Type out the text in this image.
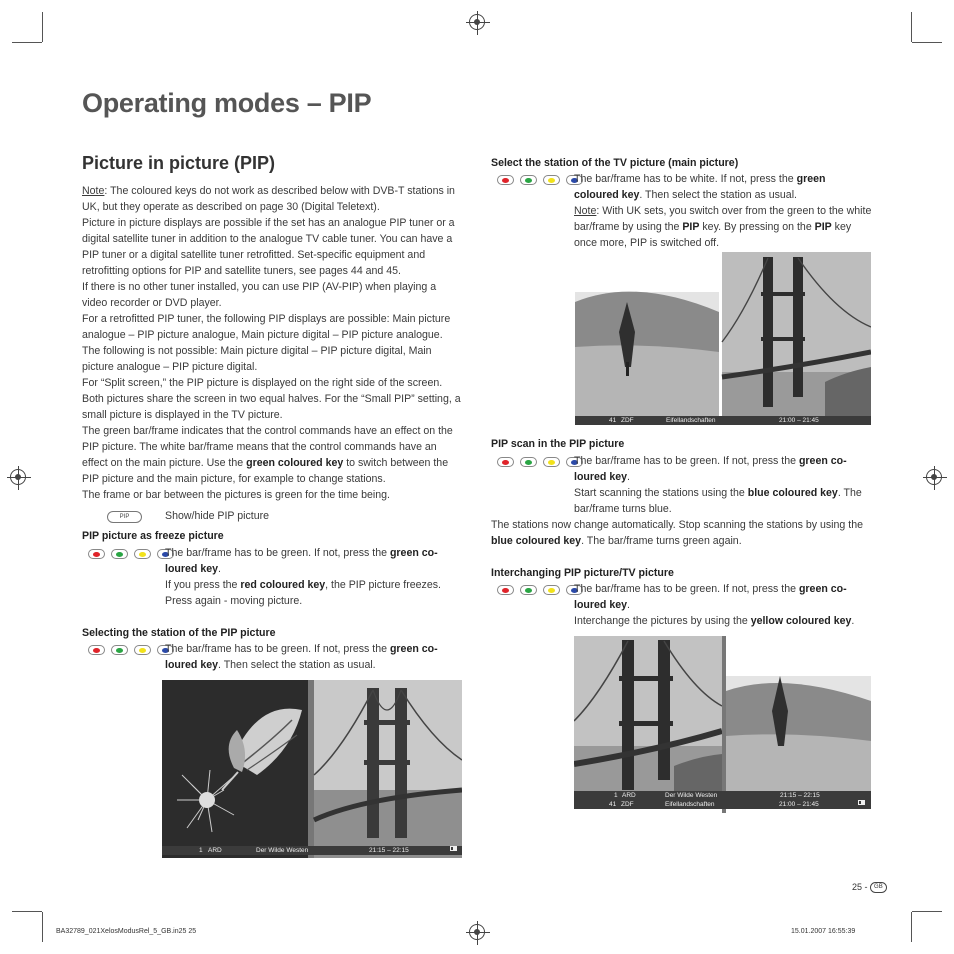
Operating modes – PIP
Picture in picture (PIP)

Note: The coloured keys do not work as described below with DVB-T stations in UK, but they operate as described on page 30 (Digital Teletext).

Picture in picture displays are possible if the set has an analogue PIP tuner or a digital satellite tuner in addition to the analogue TV cable tuner. You can have a PIP tuner or a digital satellite tuner retrofitted. Set-specific equipment and retrofitting options for PIP and satellite tuners, see pages 44 and 45.

If there is no other tuner installed, you can use PIP (AV-PIP) when playing a video recorder or DVD player.

For a retrofitted PIP tuner, the following PIP displays are possible: Main picture analogue – PIP picture analogue, Main picture digital – PIP picture analogue.

The following is not possible: Main picture digital – PIP picture digital, Main picture analogue – PIP picture digital.

For “Split screen,” the PIP picture is displayed on the right side of the screen. Both pictures share the screen in two equal halves. For the “Small PIP” setting, a small picture is displayed in the TV picture.

The green bar/frame indicates that the control commands have an effect on the PIP picture. The white bar/frame means that the control commands have an effect on the main picture. Use the green coloured key to switch between the PIP picture and the main picture, for example to change stations.

The frame or bar between the pictures is green for the time being.

PIP	Show/hide PIP picture
PIP picture as freeze picture

The bar/frame has to be green. If not, press the green co-loured key.

If you press the red coloured key, the PIP picture freezes. Press again - moving picture.

Selecting the station of the PIP picture

The bar/frame has to be green. If not, press the green co-loured key. Then select the station as usual.

1 ARD	Der Wilde Westen	21:15 – 22:15
Select the station of the TV picture (main picture)

The bar/frame has to be white. If not, press the green coloured key. Then select the station as usual.

Note: With UK sets, you switch over from the green to the white bar/frame by using the PIP key. By pressing on the PIP key once more, PIP is switched off.

41 ZDF	Eifellandschaften	21:00 – 21:45
PIP scan in the PIP picture

The bar/frame has to be green. If not, press the green co-loured key.

Start scanning the stations using the blue coloured key. The bar/frame turns blue.

The stations now change automatically. Stop scanning the stations by using the blue coloured key. The bar/frame turns green again.

Interchanging PIP picture/TV picture

The bar/frame has to be green. If not, press the green co-loured key.

Interchange the pictures by using the yellow coloured key.

1 ARD	Der Wilde Westen	21:15 – 22:15
41 ZDF	Eifellandschaften	21:00 – 21:45
25 - GB
BA32789_021XelosModusRel_5_GB.in25 25	15.01.2007 16:55:39
